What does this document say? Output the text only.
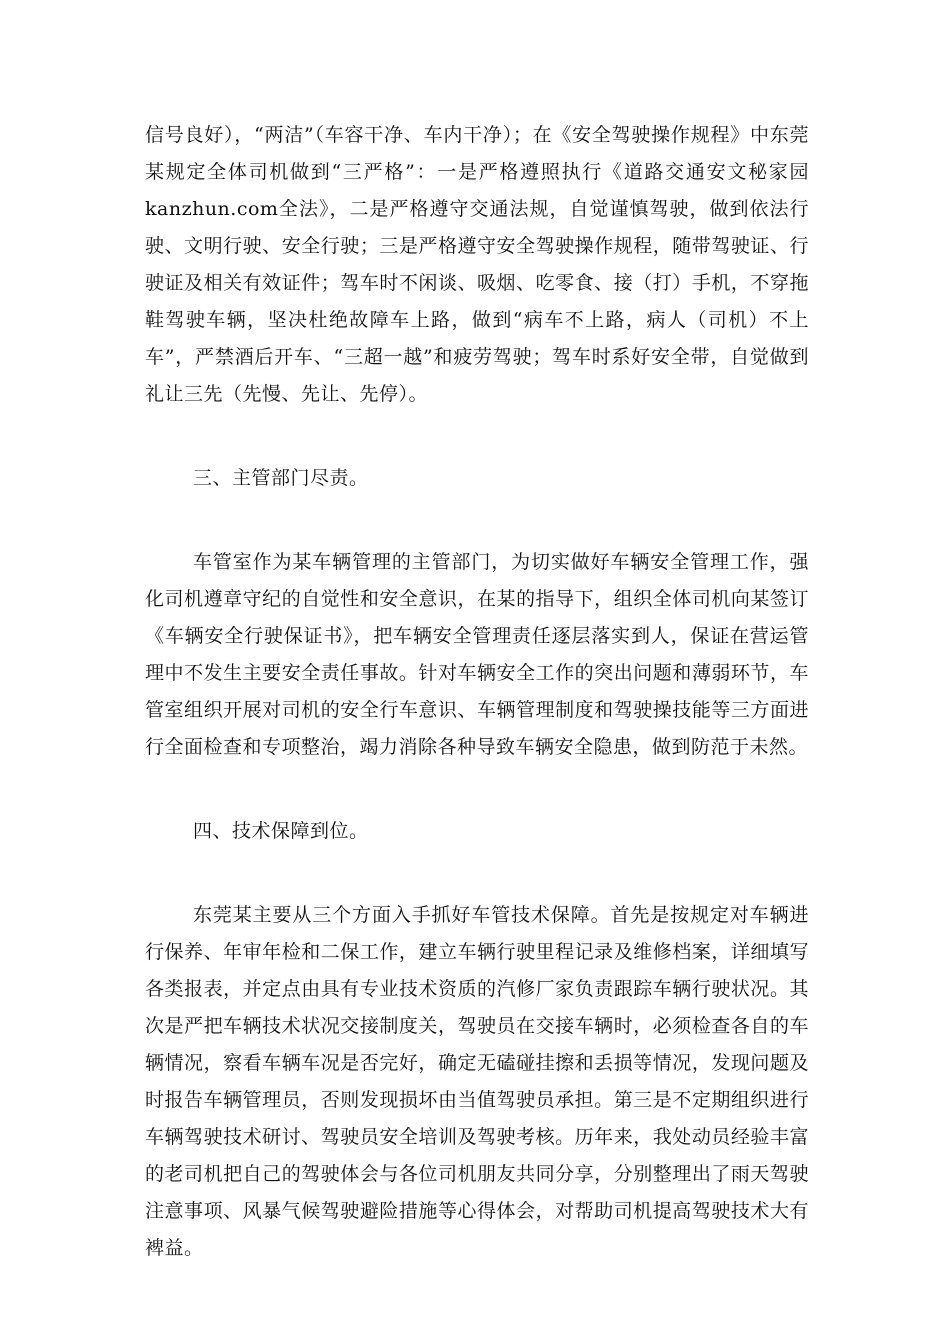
信号良好），“两洁”（车容干净、车内干净）；在《安全驾驶操作规程》中东莞某规定全体司机做到“三严格”：一是严格遵照执行《道路交通安文秘家园kanzhun.com全法》，二是严格遵守交通法规，自觉谨慎驾驶，做到依法行驶、文明行驶、安全行驶；三是严格遵守安全驾驶操作规程，随带驾驶证、行驶证及相关有效证件；驾车时不闲谈、吸烟、吃零食、接（打）手机，不穿拖鞋驾驶车辆，坚决杜绝故障车上路，做到“病车不上路，病人（司机）不上车”，严禁酒后开车、“三超一越”和疲劳驾驶；驾车时系好安全带，自觉做到礼让三先（先慢、先让、先停）。

三、主管部门尽责。

车管室作为某车辆管理的主管部门，为切实做好车辆安全管理工作，强化司机遵章守纪的自觉性和安全意识，在某的指导下，组织全体司机向某签订《车辆安全行驶保证书》，把车辆安全管理责任逐层落实到人，保证在营运管理中不发生主要安全责任事故。针对车辆安全工作的突出问题和薄弱环节，车管室组织开展对司机的安全行车意识、车辆管理制度和驾驶操技能等三方面进行全面检查和专项整治，竭力消除各种导致车辆安全隐患，做到防范于未然。

四、技术保障到位。

东莞某主要从三个方面入手抓好车管技术保障。首先是按规定对车辆进行保养、年审年检和二保工作，建立车辆行驶里程记录及维修档案，详细填写各类报表，并定点由具有专业技术资质的汽修厂家负责跟踪车辆行驶状况。其次是严把车辆技术状况交接制度关，驾驶员在交接车辆时，必须检查各自的车辆情况，察看车辆车况是否完好，确定无磕碰挂擦和丢损等情况，发现问题及时报告车辆管理员，否则发现损坏由当值驾驶员承担。第三是不定期组织进行车辆驾驶技术研讨、驾驶员安全培训及驾驶考核。历年来，我处动员经验丰富的老司机把自己的驾驶体会与各位司机朋友共同分享，分别整理出了雨天驾驶注意事项、风暴气候驾驶避险措施等心得体会，对帮助司机提高驾驶技术大有裨益。
